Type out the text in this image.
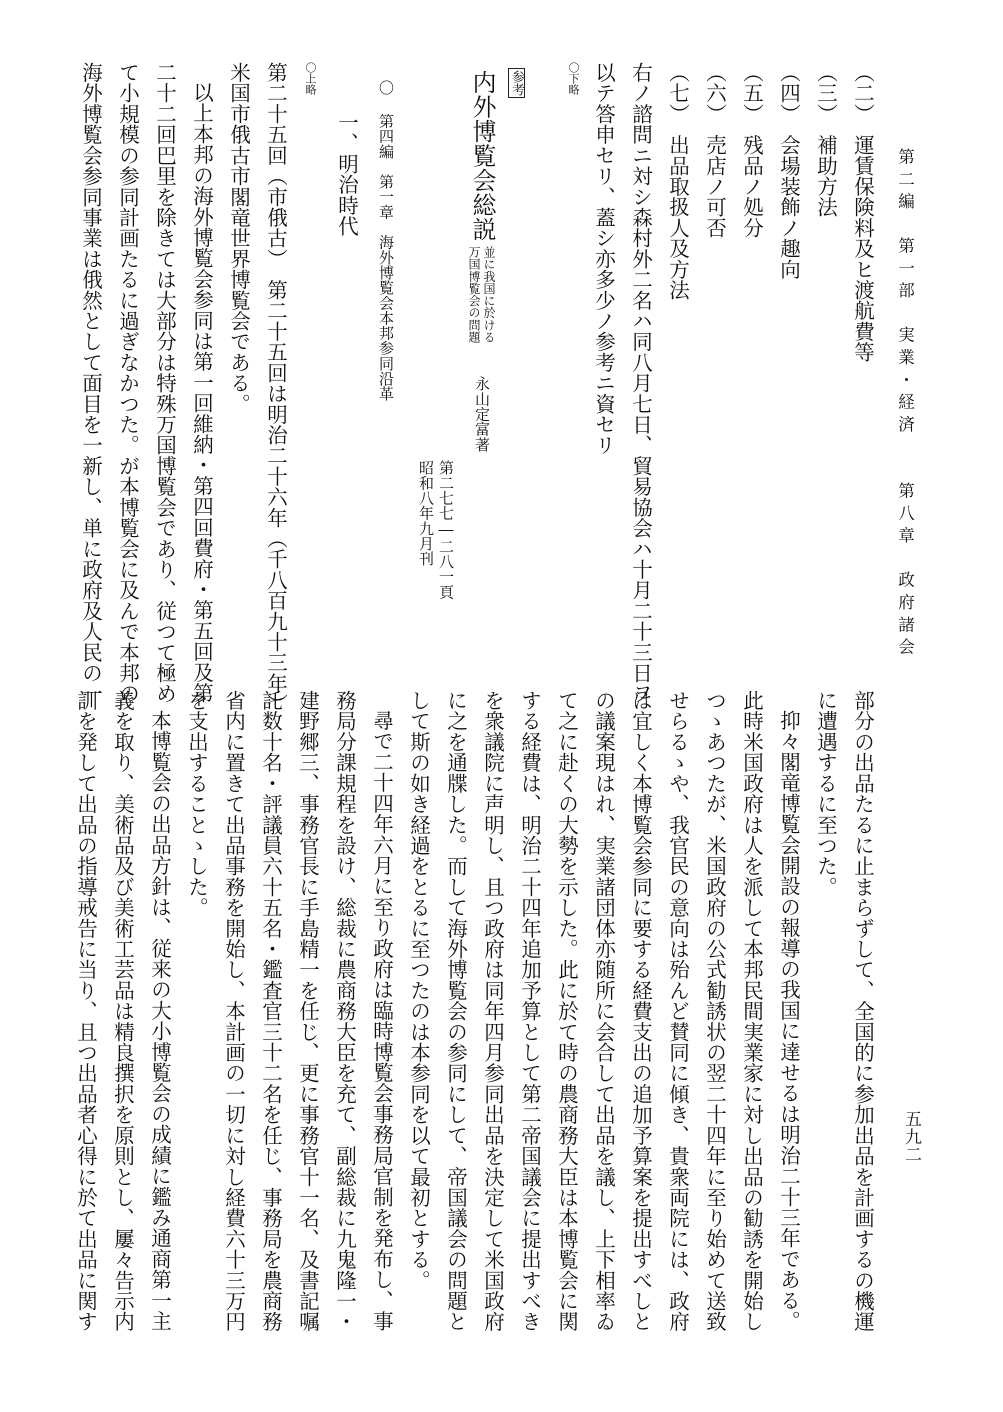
第二編　第一部　実業・経済　　第八章　政府諸会

五九二

（二）　運賃保険料及ヒ渡航費等

（三）　補助方法

（四）　会場装飾ノ趣向

（五）　残品ノ処分

（六）　売店ノ可否

（七）　出品取扱人及方法

右ノ諮問ニ対シ森村外二名ハ同八月七日、貿易協会ハ十月二十三日ヲ

以テ答申セリ、蓋シ亦多少ノ参考ニ資セリ

〇下略

参考

内外博覧会総説

並に我国に於ける

万国博覧会の問題

永山定富著

第二七七―二八一頁

昭和八年九月刊

〇 第四編　第一章　海外博覧会本邦参同沿革

一、明治時代

〇上略

第二十五回（市俄古）　第二十五回は明治二十六年（千八百九十三年）

米国市俄古市閣竜世界博覧会である。

以上本邦の海外博覧会参同は第一回維納・第四回費府・第五回及第

二十二回巴里を除きては大部分は特殊万国博覧会であり、従つて極め

て小規模の参同計画たるに過ぎなかつた。が本博覧会に及んで本邦の

海外博覧会参同事業は俄然として面目を一新し、単に政府及人民の一

部分の出品たるに止まらずして、全国的に参加出品を計画するの機運

に遭遇するに至つた。

抑々閣竜博覧会開設の報導の我国に達せるは明治二十三年である。

此時米国政府は人を派して本邦民間実業家に対し出品の勧誘を開始し

つゝあつたが、米国政府の公式勧誘状の翌二十四年に至り始めて送致

せらるゝや、我官民の意向は殆んど賛同に傾き、貴衆両院には、政府

は宜しく本博覧会参同に要する経費支出の追加予算案を提出すべしと

の議案現はれ、実業諸団体亦随所に会合して出品を議し、上下相率ゐ

て之に赴くの大勢を示した。此に於て時の農商務大臣は本博覧会に関

する経費は、明治二十四年追加予算として第二帝国議会に提出すべき

を衆議院に声明し、且つ政府は同年四月参同出品を決定して米国政府

に之を通牒した。而して海外博覧会の参同にして、帝国議会の問題と

して斯の如き経過をとるに至つたのは本参同を以て最初とする。

尋で二十四年六月に至り政府は臨時博覧会事務局官制を発布し、事

務局分課規程を設け、総裁に農商務大臣を充て、副総裁に九鬼隆一・

建野郷三、事務官長に手島精一を任じ、更に事務官十一名、及書記嘱

託数十名・評議員六十五名・鑑査官三十二名を任じ、事務局を農商務

省内に置きて出品事務を開始し、本計画の一切に対し経費六十三万円

を支出することゝした。

本博覧会の出品方針は、従来の大小博覧会の成績に鑑み通商第一主

義を取り、美術品及び美術工芸品は精良撰択を原則とし、屢々告示内

訓を発して出品の指導戒告に当り、且つ出品者心得に於て出品に関す
